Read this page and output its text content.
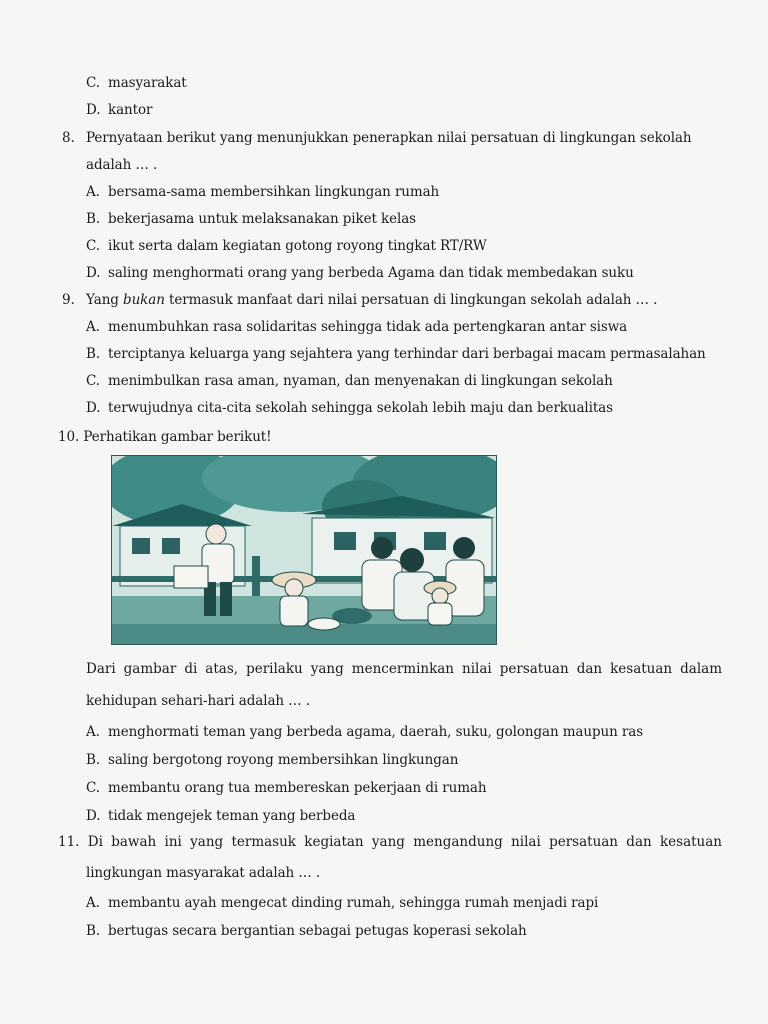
C. masyarakat
D. kantor
8. Pernyataan berikut yang menunjukkan penerapkan nilai persatuan di lingkungan sekolah
adalah … .
A. bersama-sama membersihkan lingkungan rumah
B. bekerjasama untuk melaksanakan piket kelas
C. ikut serta dalam kegiatan gotong royong tingkat RT/RW
D. saling menghormati orang yang berbeda Agama dan tidak membedakan suku
9. Yang bukan termasuk manfaat dari nilai persatuan di lingkungan sekolah adalah … .
A. menumbuhkan rasa solidaritas sehingga tidak ada pertengkaran antar siswa
B. terciptanya keluarga yang sejahtera yang terhindar dari berbagai macam permasalahan
C. menimbulkan rasa aman, nyaman, dan menyenakan di lingkungan sekolah
D. terwujudnya cita-cita sekolah sehingga sekolah lebih maju dan berkualitas
10. Perhatikan gambar berikut!
Dari gambar di atas, perilaku yang mencerminkan nilai persatuan dan kesatuan dalam
kehidupan sehari-hari adalah … .
A. menghormati teman yang berbeda agama, daerah, suku, golongan maupun ras
B. saling bergotong royong membersihkan lingkungan
C. membantu orang tua membereskan pekerjaan di rumah
D. tidak mengejek teman yang berbeda
11. Di bawah ini yang termasuk kegiatan yang mengandung nilai persatuan dan kesatuan
lingkungan masyarakat adalah … .
A. membantu ayah mengecat dinding rumah, sehingga rumah menjadi rapi
B. bertugas secara bergantian sebagai petugas koperasi sekolah
